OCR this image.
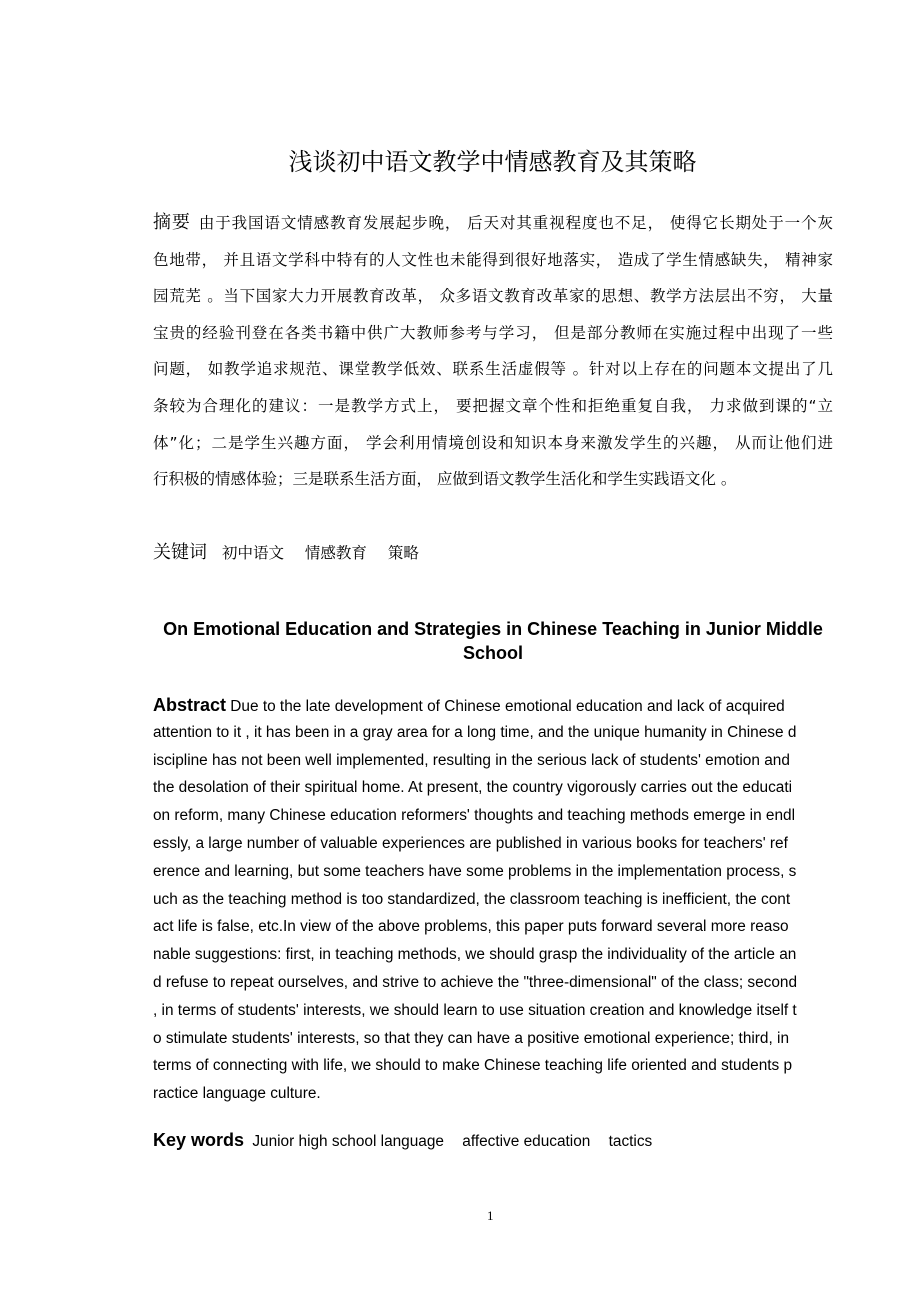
浅谈初中语文教学中情感教育及其策略
摘要 由于我国语文情感教育发展起步晚， 后天对其重视程度也不足， 使得它长期处于一个灰
色地带， 并且语文学科中特有的人文性也未能得到很好地落实， 造成了学生情感缺失， 精神家
园荒芜 。当下国家大力开展教育改革， 众多语文教育改革家的思想、教学方法层出不穷， 大量
宝贵的经验刊登在各类书籍中供广大教师参考与学习， 但是部分教师在实施过程中出现了一些
问题， 如教学追求规范、课堂教学低效、联系生活虚假等 。针对以上存在的问题本文提出了几
条较为合理化的建议：一是教学方式上， 要把握文章个性和拒绝重复自我， 力求做到课的“立
体”化；二是学生兴趣方面， 学会利用情境创设和知识本身来激发学生的兴趣， 从而让他们进
行积极的情感体验；三是联系生活方面， 应做到语文教学生活化和学生实践语文化 。
关键词 初中语文 情感教育 策略
On Emotional Education and Strategies in Chinese Teaching in Junior Middle School
Abstract Due to the late development of Chinese emotional education and lack of acquired
attention to it , it has been in a gray area for a long time, and the unique humanity in Chinese d
iscipline has not been well implemented, resulting in the serious lack of students' emotion and
the desolation of their spiritual home. At present, the country vigorously carries out the educati
on reform, many Chinese education reformers' thoughts and teaching methods emerge in endl
essly, a large number of valuable experiences are published in various books for teachers' ref
erence and learning, but some teachers have some problems in the implementation process, s
uch as the teaching method is too standardized, the classroom teaching is inefficient, the cont
act life is false, etc.In view of the above problems, this paper puts forward several more reaso
nable suggestions: first, in teaching methods, we should grasp the individuality of the article an
d refuse to repeat ourselves, and strive to achieve the "three-dimensional" of the class; second
, in terms of students' interests, we should learn to use situation creation and knowledge itself t
o stimulate students' interests, so that they can have a positive emotional experience; third, in
terms of connecting with life, we should to make Chinese teaching life oriented and students p
ractice language culture.
Key words Junior high school language affective education tactics
1
